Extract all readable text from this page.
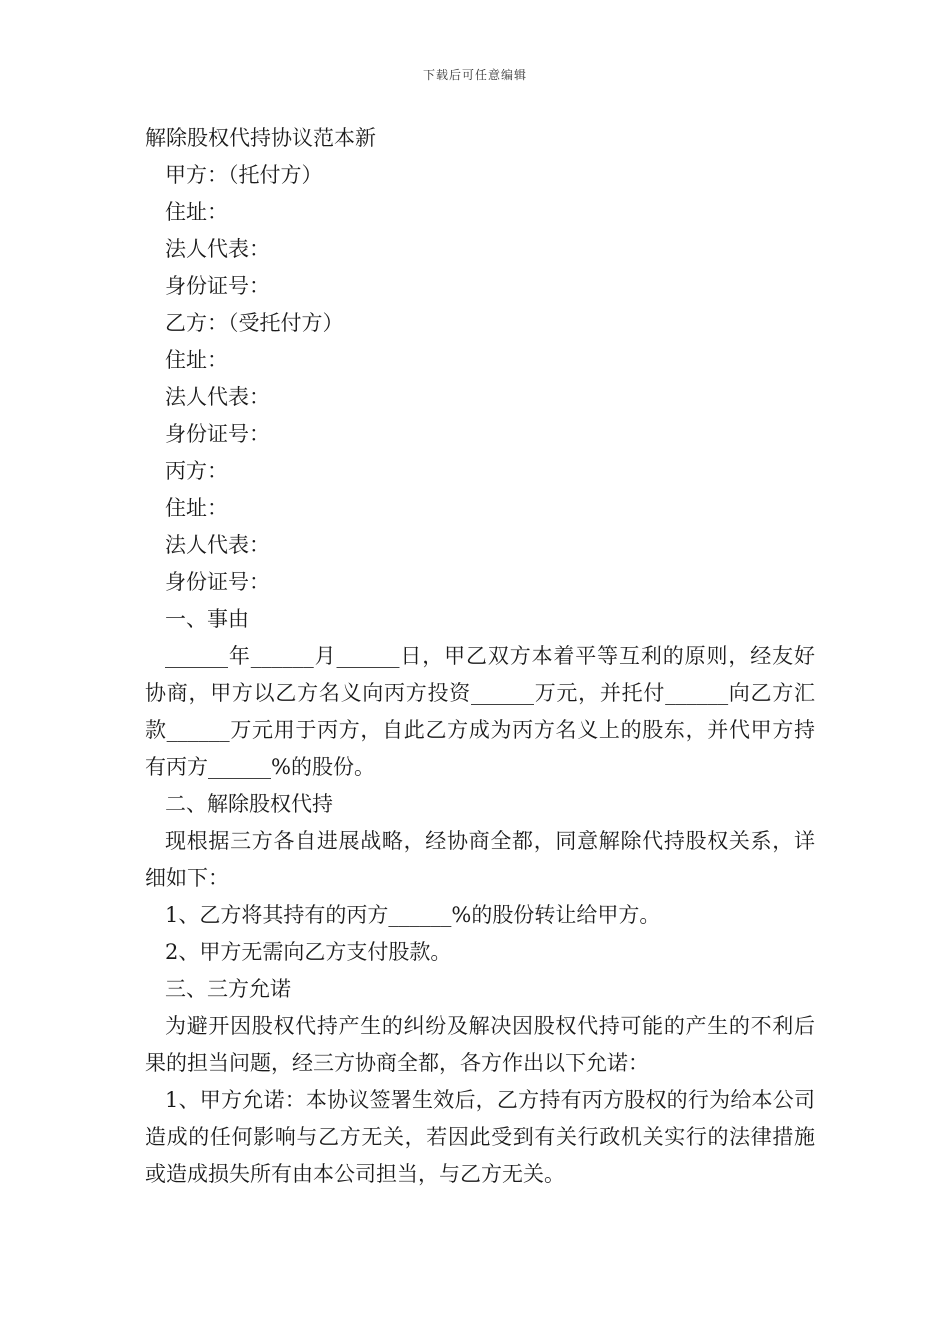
下载后可任意编辑

解除股权代持协议范本新

甲方：（托付方）

住址：

法人代表：

身份证号：

乙方：（受托付方）

住址：

法人代表：

身份证号：

丙方：

住址：

法人代表：

身份证号：

一、事由

______年______月______日，甲乙双方本着平等互利的原则，经友好协商，甲方以乙方名义向丙方投资______万元，并托付______向乙方汇款______万元用于丙方，自此乙方成为丙方名义上的股东，并代甲方持有丙方______%的股份。

二、解除股权代持

现根据三方各自进展战略，经协商全都，同意解除代持股权关系，详细如下：

1、乙方将其持有的丙方______%的股份转让给甲方。

2、甲方无需向乙方支付股款。

三、三方允诺

为避开因股权代持产生的纠纷及解决因股权代持可能的产生的不利后果的担当问题，经三方协商全都，各方作出以下允诺：

1、甲方允诺：本协议签署生效后，乙方持有丙方股权的行为给本公司造成的任何影响与乙方无关，若因此受到有关行政机关实行的法律措施或造成损失所有由本公司担当，与乙方无关。
